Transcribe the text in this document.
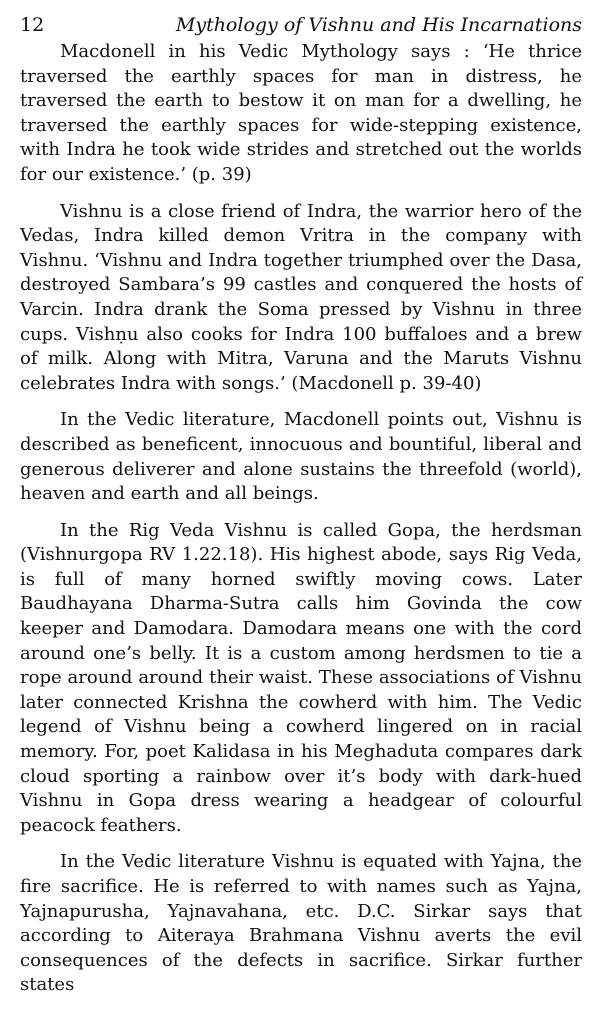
12	Mythology of Vishnu and His Incarnations

Macdonell in his Vedic Mythology says : ‘He thrice traversed the earthly spaces for man in distress, he traversed the earth to bestow it on man for a dwelling, he traversed the earthly spaces for wide-stepping existence, with Indra he took wide strides and stretched out the worlds for our existence.’ (p. 39)

Vishnu is a close friend of Indra, the warrior hero of the Vedas, Indra killed demon Vritra in the company with Vishnu. ‘Vishnu and Indra together triumphed over the Dasa, destroyed Sambara’s 99 castles and conquered the hosts of Varcin. Indra drank the Soma pressed by Vishnu in three cups. Vishṇu also cooks for Indra 100 buffaloes and a brew of milk. Along with Mitra, Varuna and the Maruts Vishnu celebrates Indra with songs.’ (Macdonell p. 39-40)

In the Vedic literature, Macdonell points out, Vishnu is described as beneficent, innocuous and bountiful, liberal and generous deliverer and alone sustains the threefold (world), heaven and earth and all beings.

In the Rig Veda Vishnu is called Gopa, the herdsman (Vishnurgopa RV 1.22.18). His highest abode, says Rig Veda, is full of many horned swiftly moving cows. Later Baudhayana Dharma-Sutra calls him Govinda the cow keeper and Damodara. Damodara means one with the cord around one’s belly. It is a custom among herdsmen to tie a rope around around their waist. These associations of Vishnu later connected Krishna the cowherd with him. The Vedic legend of Vishnu being a cowherd lingered on in racial memory. For, poet Kalidasa in his Meghaduta compares dark cloud sporting a rainbow over it’s body with dark-hued Vishnu in Gopa dress wearing a headgear of colourful peacock feathers.

In the Vedic literature Vishnu is equated with Yajna, the fire sacrifice. He is referred to with names such as Yajna, Yajnapurusha, Yajnavahana, etc. D.C. Sirkar says that according to Aiteraya Brahmana Vishnu averts the evil consequences of the defects in sacrifice. Sirkar further states
